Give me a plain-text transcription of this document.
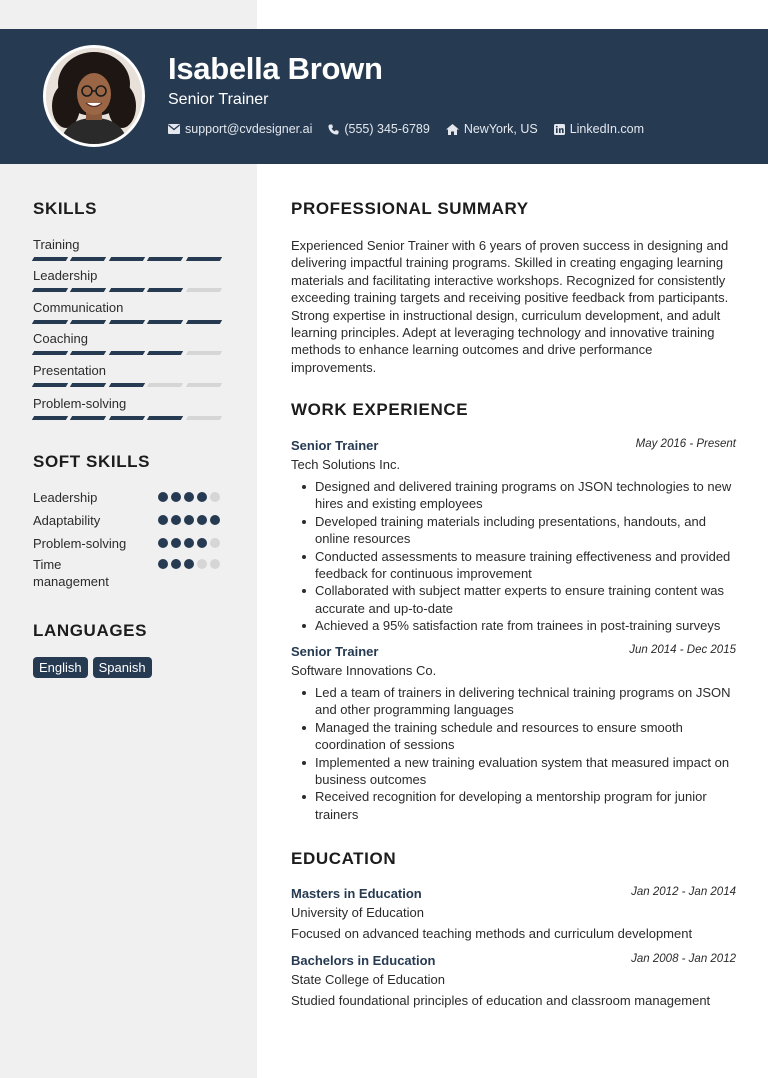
Isabella Brown
Senior Trainer
support@cvdesigner.ai	(555) 345-6789	NewYork, US	LinkedIn.com
SKILLS
Training
Leadership
Communication
Coaching
Presentation
Problem-solving
SOFT SKILLS
Leadership
Adaptability
Problem-solving
Time management
LANGUAGES
English	Spanish
PROFESSIONAL SUMMARY
Experienced Senior Trainer with 6 years of proven success in designing and delivering impactful training programs. Skilled in creating engaging learning materials and facilitating interactive workshops. Recognized for consistently exceeding training targets and receiving positive feedback from participants. Strong expertise in instructional design, curriculum development, and adult learning principles. Adept at leveraging technology and innovative training methods to enhance learning outcomes and drive performance improvements.
WORK EXPERIENCE
Senior Trainer	May 2016 - Present
Tech Solutions Inc.
Designed and delivered training programs on JSON technologies to new hires and existing employees
Developed training materials including presentations, handouts, and online resources
Conducted assessments to measure training effectiveness and provided feedback for continuous improvement
Collaborated with subject matter experts to ensure training content was accurate and up-to-date
Achieved a 95% satisfaction rate from trainees in post-training surveys
Senior Trainer	Jun 2014 - Dec 2015
Software Innovations Co.
Led a team of trainers in delivering technical training programs on JSON and other programming languages
Managed the training schedule and resources to ensure smooth coordination of sessions
Implemented a new training evaluation system that measured impact on business outcomes
Received recognition for developing a mentorship program for junior trainers
EDUCATION
Masters in Education	Jan 2012 - Jan 2014
University of Education
Focused on advanced teaching methods and curriculum development
Bachelors in Education	Jan 2008 - Jan 2012
State College of Education
Studied foundational principles of education and classroom management
